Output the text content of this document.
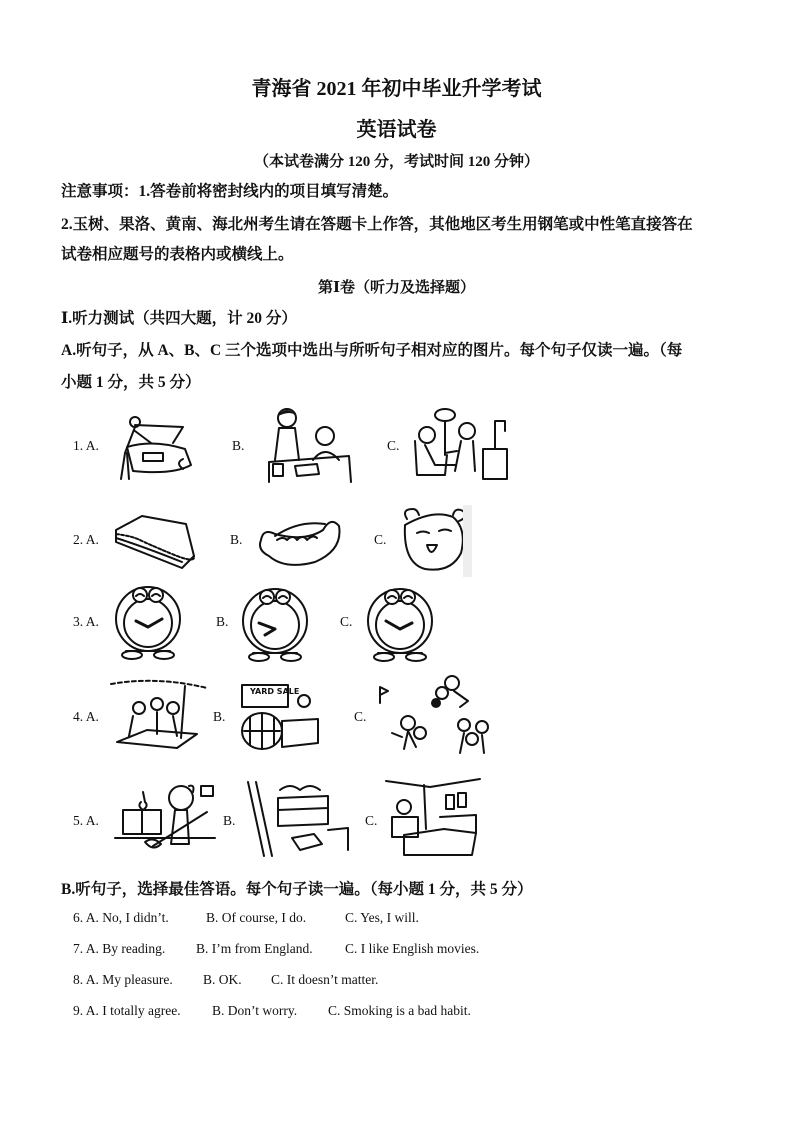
青海省 2021 年初中毕业升学考试
英语试卷
（本试卷满分 120 分，考试时间 120 分钟）
注意事项：1.答卷前将密封线内的项目填写清楚。
2.玉树、果洛、黄南、海北州考生请在答题卡上作答，其他地区考生用钢笔或中性笔直接答在
试卷相应题号的表格内或横线上。
第Ⅰ卷（听力及选择题）
Ⅰ.听力测试（共四大题，计 20 分）
A.听句子，从 A、B、C 三个选项中选出与所听句子相对应的图片。每个句子仅读一遍。（每
小题 1 分，共 5 分）
1. A.	B.	C.
2. A.	B.	C.
3. A.	B.	C.
4. A.	B.
YARD SALE
C.
5. A.	B.	C.
B.听句子，选择最佳答语。每个句子读一遍。（每小题 1 分，共 5 分）
6. A. No, I didn’t.	B. Of course, I do.	C. Yes, I will.
7. A. By reading. B. I’m from England. C. I like English movies.
8. A. My pleasure. B. OK. C. It doesn’t matter.
9. A. I totally agree. B. Don’t worry. C. Smoking is a bad habit.
